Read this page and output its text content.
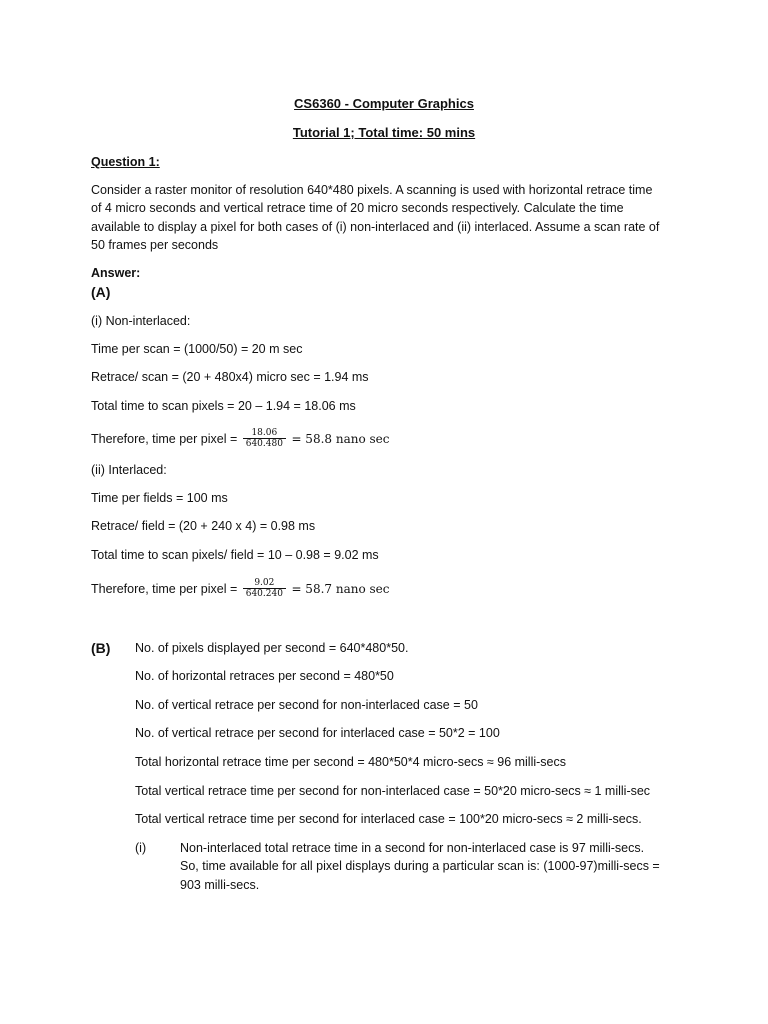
CS6360 - Computer Graphics
Tutorial 1; Total time: 50 mins
Question 1:
Consider a raster monitor of resolution 640*480 pixels. A scanning is used with horizontal retrace time
of 4 micro seconds and vertical retrace time of 20 micro seconds respectively. Calculate the time
available to display a pixel for both cases of (i) non-interlaced and (ii) interlaced. Assume a scan rate of
50 frames per seconds
Answer:
(A)
(i) Non-interlaced:
Time per scan = (1000/50) = 20 m sec
Retrace/ scan = (20 + 480x4) micro sec = 1.94 ms
Total time to scan pixels = 20 – 1.94 = 18.06 ms
Therefore, time per pixel = $\frac{18.06}{640.480} = 58.8$ nano sec
(ii) Interlaced:
Time per fields = 100 ms
Retrace/ field = (20 + 240 x 4) = 0.98 ms
Total time to scan pixels/ field = 10 – 0.98 = 9.02 ms
Therefore, time per pixel = $\frac{9.02}{640.240} = 58.7$ nano sec
(B) No. of pixels displayed per second = 640*480*50.
No. of horizontal retraces per second = 480*50
No. of vertical retrace per second for non-interlaced case = 50
No. of vertical retrace per second for interlaced case = 50*2 = 100
Total horizontal retrace time per second = 480*50*4 micro-secs ≈ 96 milli-secs
Total vertical retrace time per second for non-interlaced case = 50*20 micro-secs ≈ 1 milli-sec
Total vertical retrace time per second for interlaced case = 100*20 micro-secs ≈ 2 milli-secs.
(i)	Non-interlaced total retrace time in a second for non-interlaced case is 97 milli-secs.
So, time available for all pixel displays during a particular scan is: (1000-97)milli-secs =
903 milli-secs.
